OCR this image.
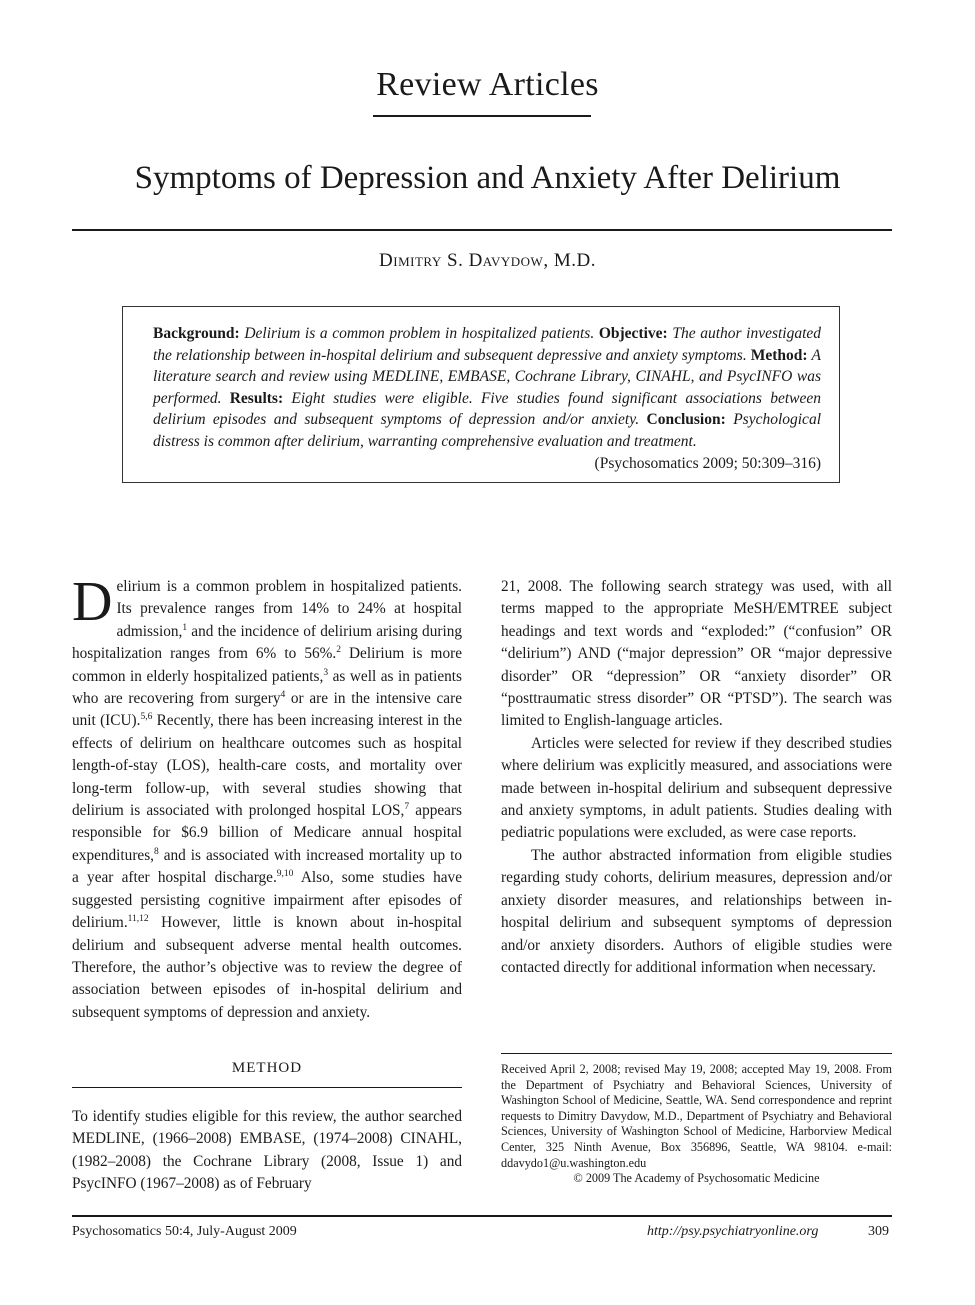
Review Articles
Symptoms of Depression and Anxiety After Delirium
Dimitry S. Davydow, M.D.
Background: Delirium is a common problem in hospitalized patients. Objective: The author investigated the relationship between in-hospital delirium and subsequent depressive and anxiety symptoms. Method: A literature search and review using MEDLINE, EMBASE, Cochrane Library, CINAHL, and PsycINFO was performed. Results: Eight studies were eligible. Five studies found significant associations between delirium episodes and subsequent symptoms of depression and/or anxiety. Conclusion: Psychological distress is common after delirium, warranting comprehensive evaluation and treatment.
(Psychosomatics 2009; 50:309–316)

Delirium is a common problem in hospitalized patients. Its prevalence ranges from 14% to 24% at hospital admission,$^1$ and the incidence of delirium arising during hospitalization ranges from 6% to 56%.$^2$ Delirium is more common in elderly hospitalized patients,$^3$ as well as in patients who are recovering from surgery$^4$ or are in the intensive care unit (ICU).$^{5,6}$ Recently, there has been increasing interest in the effects of delirium on healthcare outcomes such as hospital length-of-stay (LOS), health-care costs, and mortality over long-term follow-up, with several studies showing that delirium is associated with prolonged hospital LOS,$^7$ appears responsible for $6.9 billion of Medicare annual hospital expenditures,$^8$ and is associated with increased mortality up to a year after hospital discharge.$^{9,10}$ Also, some studies have suggested persisting cognitive impairment after episodes of delirium.$^{11,12}$ However, little is known about in-hospital delirium and subsequent adverse mental health outcomes. Therefore, the author’s objective was to review the degree of association between episodes of in-hospital delirium and subsequent symptoms of depression and anxiety.

METHOD

To identify studies eligible for this review, the author searched MEDLINE, (1966–2008) EMBASE, (1974–2008) CINAHL, (1982–2008) the Cochrane Library (2008, Issue 1) and PsycINFO (1967–2008) as of February

21, 2008. The following search strategy was used, with all terms mapped to the appropriate MeSH/EMTREE subject headings and text words and “exploded:” (“confusion” OR “delirium”) AND (“major depression” OR “major depressive disorder” OR “depression” OR “anxiety disorder” OR “posttraumatic stress disorder” OR “PTSD”). The search was limited to English-language articles.

Articles were selected for review if they described studies where delirium was explicitly measured, and associations were made between in-hospital delirium and subsequent depressive and anxiety symptoms, in adult patients. Studies dealing with pediatric populations were excluded, as were case reports.

The author abstracted information from eligible studies regarding study cohorts, delirium measures, depression and/or anxiety disorder measures, and relationships between in-hospital delirium and subsequent symptoms of depression and/or anxiety disorders. Authors of eligible studies were contacted directly for additional information when necessary.

Received April 2, 2008; revised May 19, 2008; accepted May 19, 2008. From the Department of Psychiatry and Behavioral Sciences, University of Washington School of Medicine, Seattle, WA. Send correspondence and reprint requests to Dimitry Davydow, M.D., Department of Psychiatry and Behavioral Sciences, University of Washington School of Medicine, Harborview Medical Center, 325 Ninth Avenue, Box 356896, Seattle, WA 98104. e-mail: ddavydo1@u.washington.edu
© 2009 The Academy of Psychosomatic Medicine
Psychosomatics 50:4, July-August 2009	http://psy.psychiatryonline.org	309
